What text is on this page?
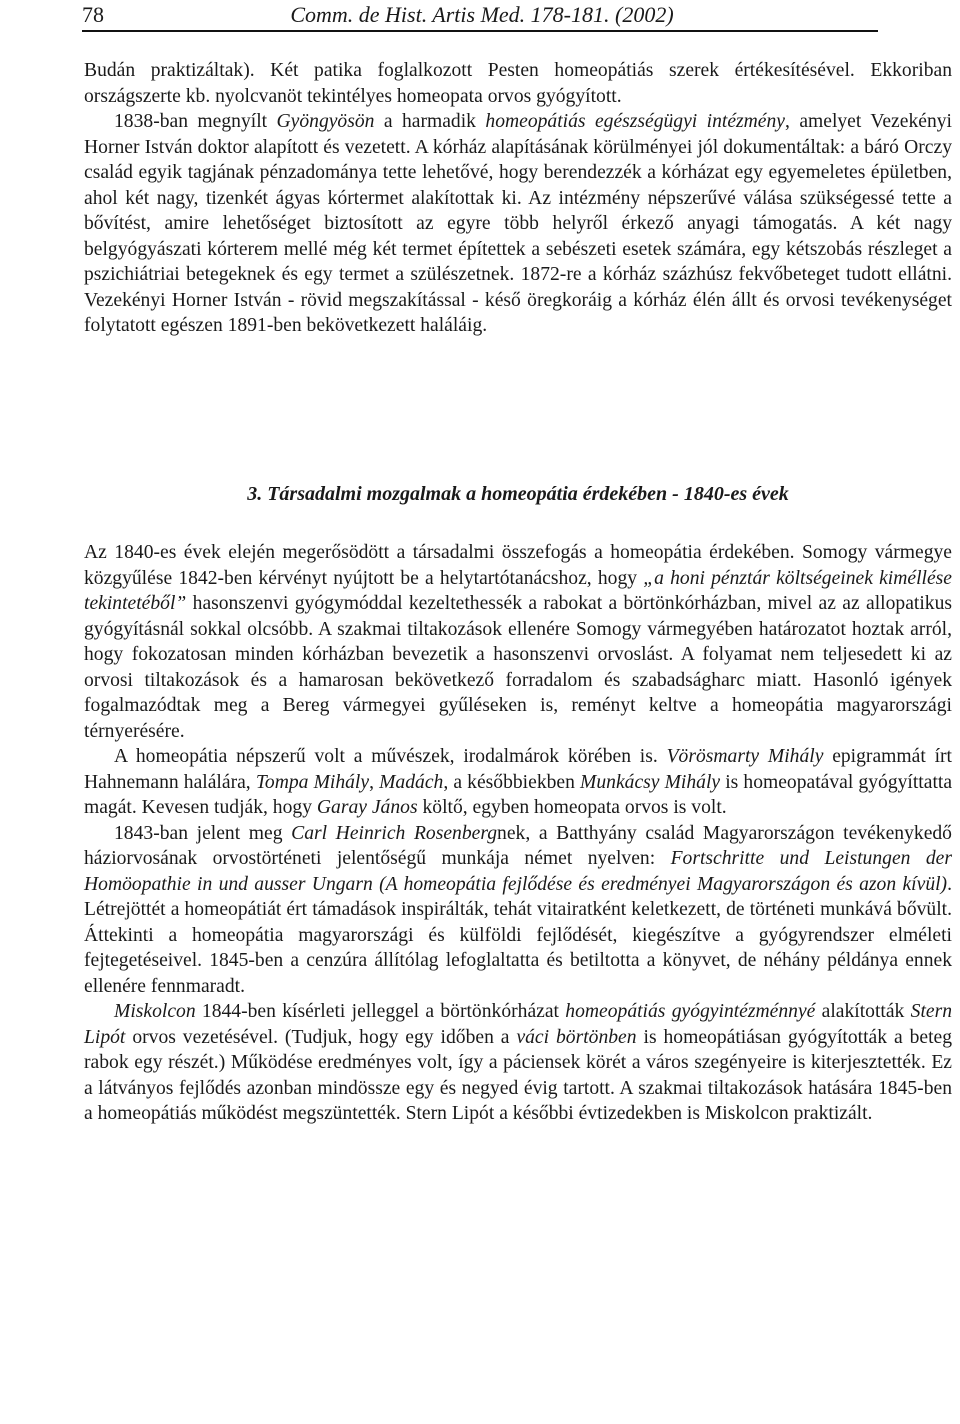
78	Comm. de Hist. Artis Med. 178-181. (2002)

Budán praktizáltak). Két patika foglalkozott Pesten homeopátiás szerek értékesítésével. Ekkoriban országszerte kb. nyolcvanöt tekintélyes homeopata orvos gyógyított.

1838-ban megnyílt Gyöngyösön a harmadik homeopátiás egészségügyi intézmény, amelyet Vezekényi Horner István doktor alapított és vezetett. A kórház alapításának körülményei jól dokumentáltak: a báró Orczy család egyik tagjának pénzadománya tette lehetővé, hogy berendezzék a kórházat egy egyemeletes épületben, ahol két nagy, tizenkét ágyas kórtermet alakítottak ki. Az intézmény népszerűvé válása szükségessé tette a bővítést, amire lehetőséget biztosított az egyre több helyről érkező anyagi támogatás. A két nagy belgyógyászati kórterem mellé még két termet építettek a sebészeti esetek számára, egy kétszobás részleget a pszichiátriai betegeknek és egy termet a szülészetnek. 1872-re a kórház százhúsz fekvőbeteget tudott ellátni. Vezekényi Horner István - rövid megszakítással - késő öregkoráig a kórház élén állt és orvosi tevékenységet folytatott egészen 1891-ben bekövetkezett haláláig.

3. Társadalmi mozgalmak a homeopátia érdekében - 1840-es évek

Az 1840-es évek elején megerősödött a társadalmi összefogás a homeopátia érdekében. Somogy vármegye közgyűlése 1842-ben kérvényt nyújtott be a helytartótanácshoz, hogy „a honi pénztár költségeinek kiméllése tekintetéből” hasonszenvi gyógymóddal kezeltethessék a rabokat a börtönkórházban, mivel az az allopatikus gyógyításnál sokkal olcsóbb. A szakmai tiltakozások ellenére Somogy vármegyében határozatot hoztak arról, hogy fokozatosan minden kórházban bevezetik a hasonszenvi orvoslást. A folyamat nem teljesedett ki az orvosi tiltakozások és a hamarosan bekövetkező forradalom és szabadságharc miatt. Hasonló igények fogalmazódtak meg a Bereg vármegyei gyűléseken is, reményt keltve a homeopátia magyarországi térnyerésére.

A homeopátia népszerű volt a művészek, irodalmárok körében is. Vörösmarty Mihály epigrammát írt Hahnemann halálára, Tompa Mihály, Madách, a későbbiekben Munkácsy Mihály is homeopatával gyógyíttatta magát. Kevesen tudják, hogy Garay János költő, egyben homeopata orvos is volt.

1843-ban jelent meg Carl Heinrich Rosenbergnek, a Batthyány család Magyarországon tevékenykedő háziorvosának orvostörténeti jelentőségű munkája német nyelven: Fortschritte und Leistungen der Homöopathie in und ausser Ungarn (A homeopátia fejlődése és eredményei Magyarországon és azon kívül). Létrejöttét a homeopátiát ért támadások inspirálták, tehát vitairatként keletkezett, de történeti munkává bővült. Áttekinti a homeopátia magyarországi és külföldi fejlődését, kiegészítve a gyógyrendszer elméleti fejtegetéseivel. 1845-ben a cenzúra állítólag lefoglaltatta és betiltotta a könyvet, de néhány példánya ennek ellenére fennmaradt.

Miskolcon 1844-ben kísérleti jelleggel a börtönkórházat homeopátiás gyógyintézménnyé alakították Stern Lipót orvos vezetésével. (Tudjuk, hogy egy időben a váci börtönben is homeopátiásan gyógyították a beteg rabok egy részét.) Működése eredményes volt, így a páciensek körét a város szegényeire is kiterjesztették. Ez a látványos fejlődés azonban mindössze egy és negyed évig tartott. A szakmai tiltakozások hatására 1845-ben a homeopátiás működést megszüntették. Stern Lipót a későbbi évtizedekben is Miskolcon praktizált.
